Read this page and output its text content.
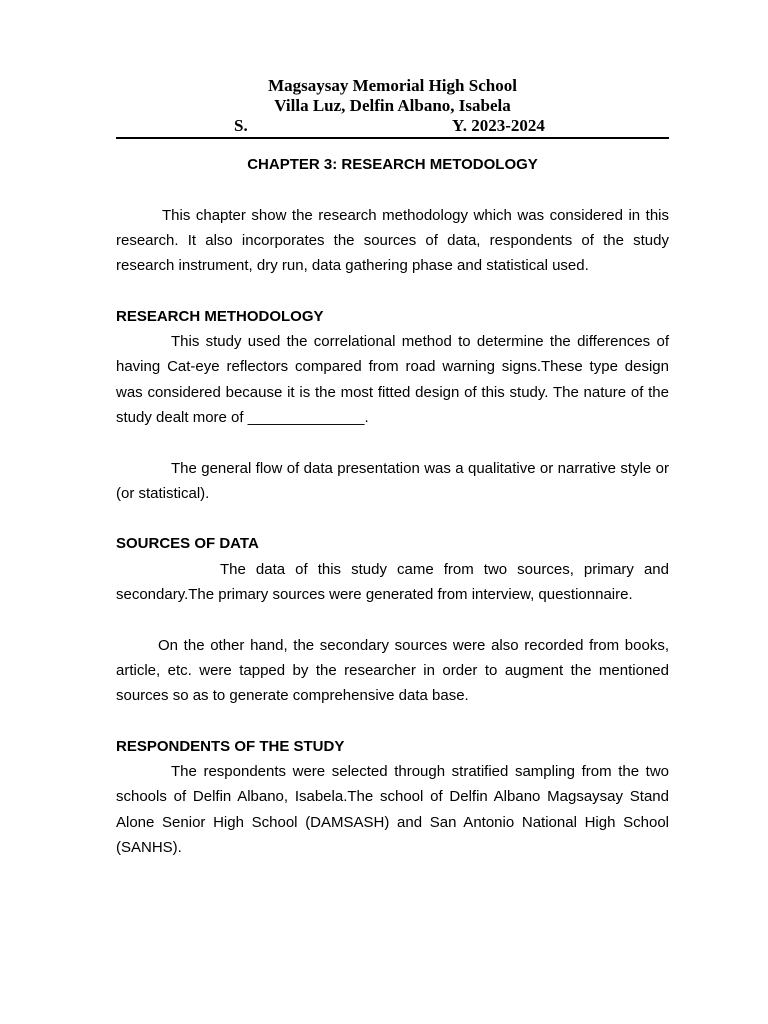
Magsaysay Memorial High School
Villa Luz, Delfin Albano, Isabela
S.	Y. 2023-2024
CHAPTER 3: RESEARCH METODOLOGY

This chapter show the research methodology which was considered in this research. It also incorporates the sources of data, respondents of the study research instrument, dry run, data gathering phase and statistical used.

RESEARCH METHODOLOGY

This study used the correlational method to determine the differences of having Cat-eye reflectors compared from road warning signs.These type design was considered because it is the most fitted design of this study. The nature of the study dealt more of ______________.

The general flow of data presentation was a qualitative or narrative style or (or statistical).

SOURCES OF DATA

The data of this study came from two sources, primary and secondary.The primary sources were generated from interview, questionnaire.

On the other hand, the secondary sources were also recorded from books, article, etc. were tapped by the researcher in order to augment the mentioned sources so as to generate comprehensive data base.

RESPONDENTS OF THE STUDY

The respondents were selected through stratified sampling from the two schools of Delfin Albano, Isabela.The school of Delfin Albano Magsaysay Stand Alone Senior High School (DAMSASH) and San Antonio National High School (SANHS).
